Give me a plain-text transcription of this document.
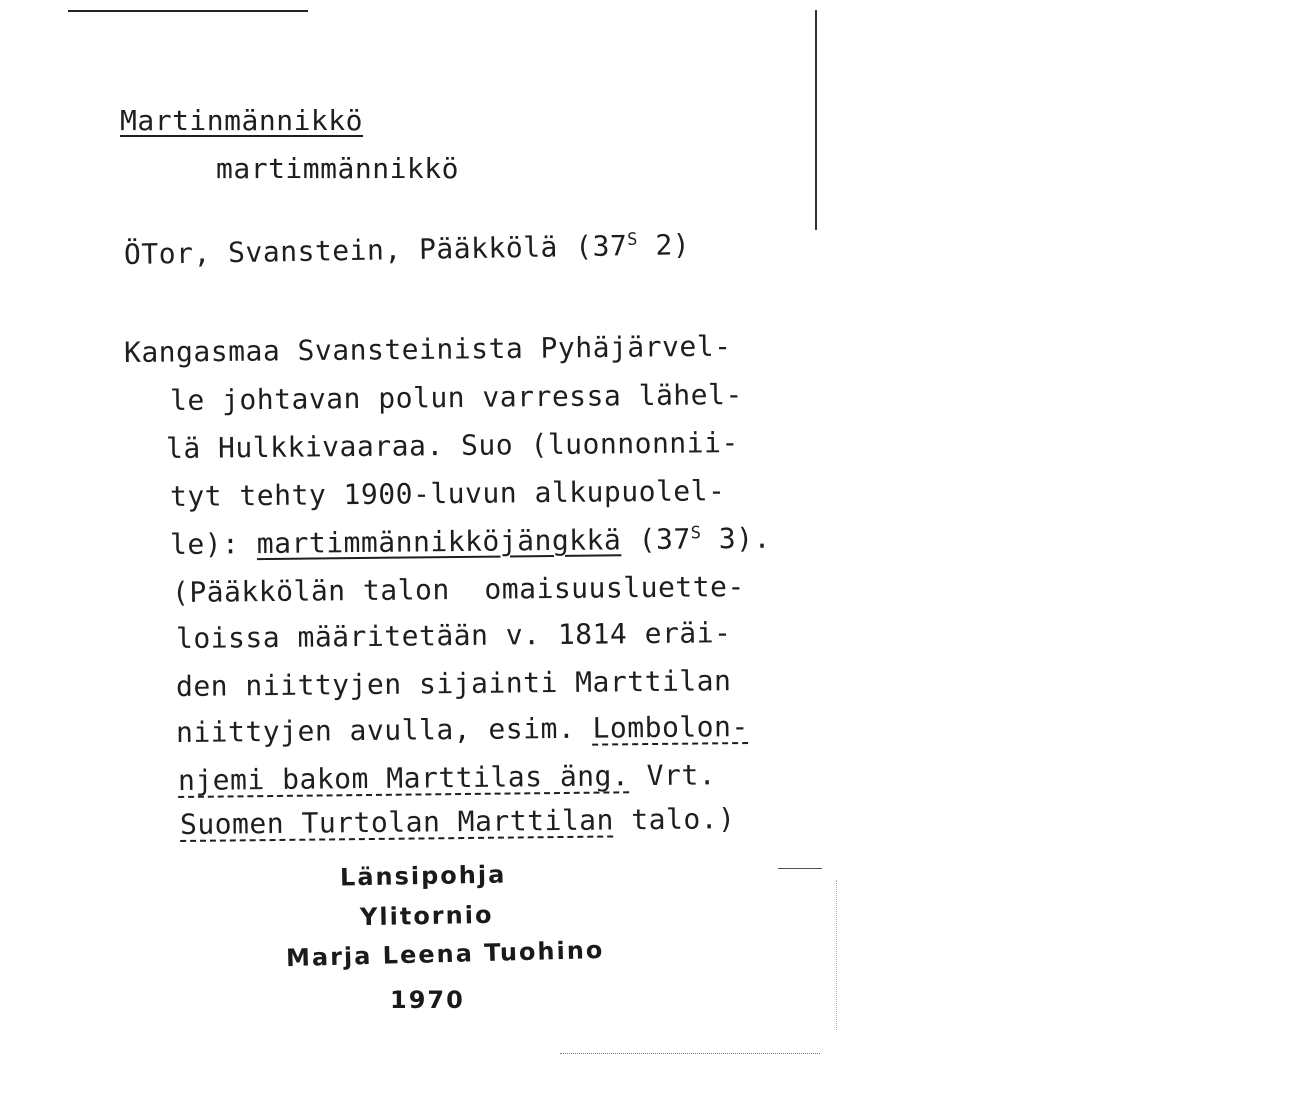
Martinmännikkö
martimmännikkö
ÖTor, Svanstein, Pääkkölä ($37^S$ 2)
Kangasmaa Svansteinista Pyhäjärvel-
le johtavan polun varressa lähel-
lä Hulkkivaaraa. Suo (luonnonnii-
tyt tehty 1900-luvun alkupuolel-
le): martimmännikköjängkkä ($37^S$ 3).
(Pääkkölän talon  omaisuusluette-
loissa määritetään v. 1814 eräi-
den niittyjen sijainti Marttilan
niittyjen avulla, esim. Lombolon-
njemi bakom Marttilas äng. Vrt.
Suomen Turtolan Marttilan talo.)
Länsipohja
Ylitornio
Marja Leena Tuohino
1970
